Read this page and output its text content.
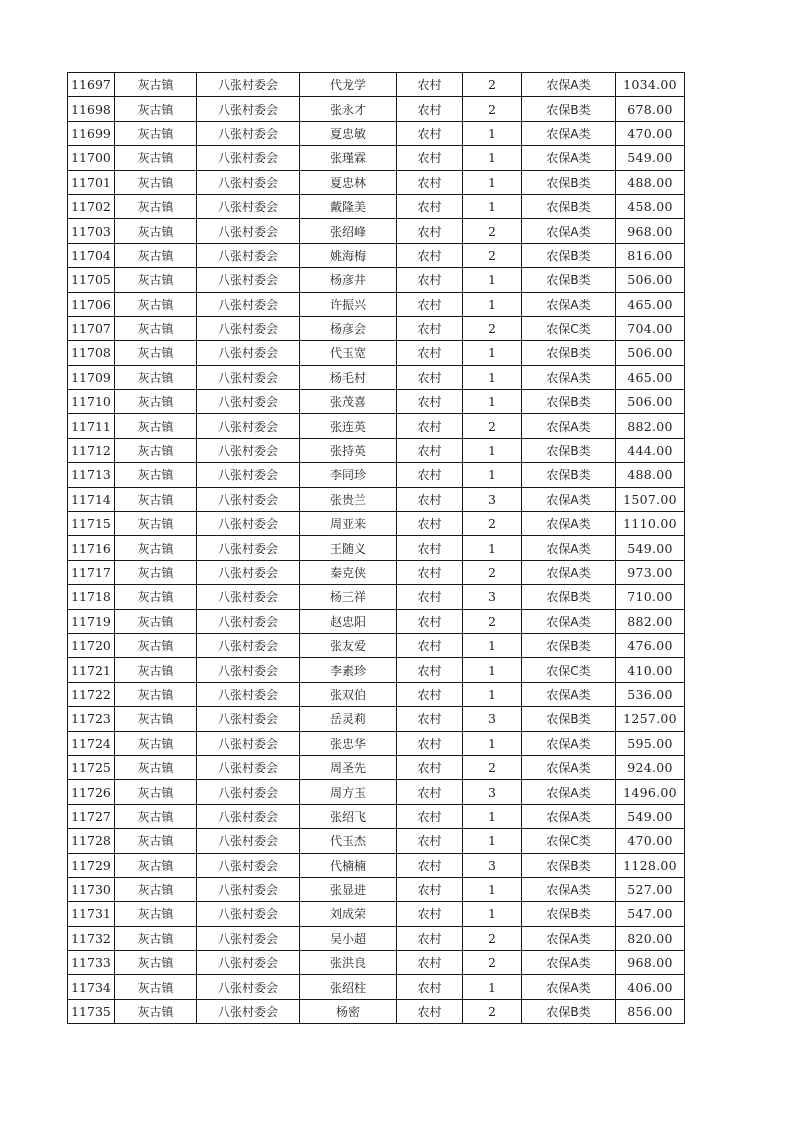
11697	灰古镇	八张村委会	代龙学	农村	2	农保A类	1034.00
11698	灰古镇	八张村委会	张永才	农村	2	农保B类	678.00
11699	灰古镇	八张村委会	夏忠敏	农村	1	农保A类	470.00
11700	灰古镇	八张村委会	张瑾霖	农村	1	农保A类	549.00
11701	灰古镇	八张村委会	夏忠林	农村	1	农保B类	488.00
11702	灰古镇	八张村委会	戴隆美	农村	1	农保B类	458.00
11703	灰古镇	八张村委会	张绍峰	农村	2	农保A类	968.00
11704	灰古镇	八张村委会	姚海梅	农村	2	农保B类	816.00
11705	灰古镇	八张村委会	杨彦井	农村	1	农保B类	506.00
11706	灰古镇	八张村委会	许振兴	农村	1	农保A类	465.00
11707	灰古镇	八张村委会	杨彦会	农村	2	农保C类	704.00
11708	灰古镇	八张村委会	代玉宽	农村	1	农保B类	506.00
11709	灰古镇	八张村委会	杨毛村	农村	1	农保A类	465.00
11710	灰古镇	八张村委会	张茂喜	农村	1	农保B类	506.00
11711	灰古镇	八张村委会	张连英	农村	2	农保A类	882.00
11712	灰古镇	八张村委会	张持英	农村	1	农保B类	444.00
11713	灰古镇	八张村委会	李同珍	农村	1	农保B类	488.00
11714	灰古镇	八张村委会	张贵兰	农村	3	农保A类	1507.00
11715	灰古镇	八张村委会	周亚来	农村	2	农保A类	1110.00
11716	灰古镇	八张村委会	王随义	农村	1	农保A类	549.00
11717	灰古镇	八张村委会	秦克侠	农村	2	农保A类	973.00
11718	灰古镇	八张村委会	杨三祥	农村	3	农保B类	710.00
11719	灰古镇	八张村委会	赵忠阳	农村	2	农保A类	882.00
11720	灰古镇	八张村委会	张友爱	农村	1	农保B类	476.00
11721	灰古镇	八张村委会	李素珍	农村	1	农保C类	410.00
11722	灰古镇	八张村委会	张双伯	农村	1	农保A类	536.00
11723	灰古镇	八张村委会	岳灵莉	农村	3	农保B类	1257.00
11724	灰古镇	八张村委会	张忠华	农村	1	农保A类	595.00
11725	灰古镇	八张村委会	周圣先	农村	2	农保A类	924.00
11726	灰古镇	八张村委会	周方玉	农村	3	农保A类	1496.00
11727	灰古镇	八张村委会	张绍飞	农村	1	农保A类	549.00
11728	灰古镇	八张村委会	代玉杰	农村	1	农保C类	470.00
11729	灰古镇	八张村委会	代楠楠	农村	3	农保B类	1128.00
11730	灰古镇	八张村委会	张显进	农村	1	农保A类	527.00
11731	灰古镇	八张村委会	刘成荣	农村	1	农保B类	547.00
11732	灰古镇	八张村委会	吴小超	农村	2	农保A类	820.00
11733	灰古镇	八张村委会	张洪良	农村	2	农保A类	968.00
11734	灰古镇	八张村委会	张绍柱	农村	1	农保A类	406.00
11735	灰古镇	八张村委会	杨密	农村	2	农保B类	856.00
